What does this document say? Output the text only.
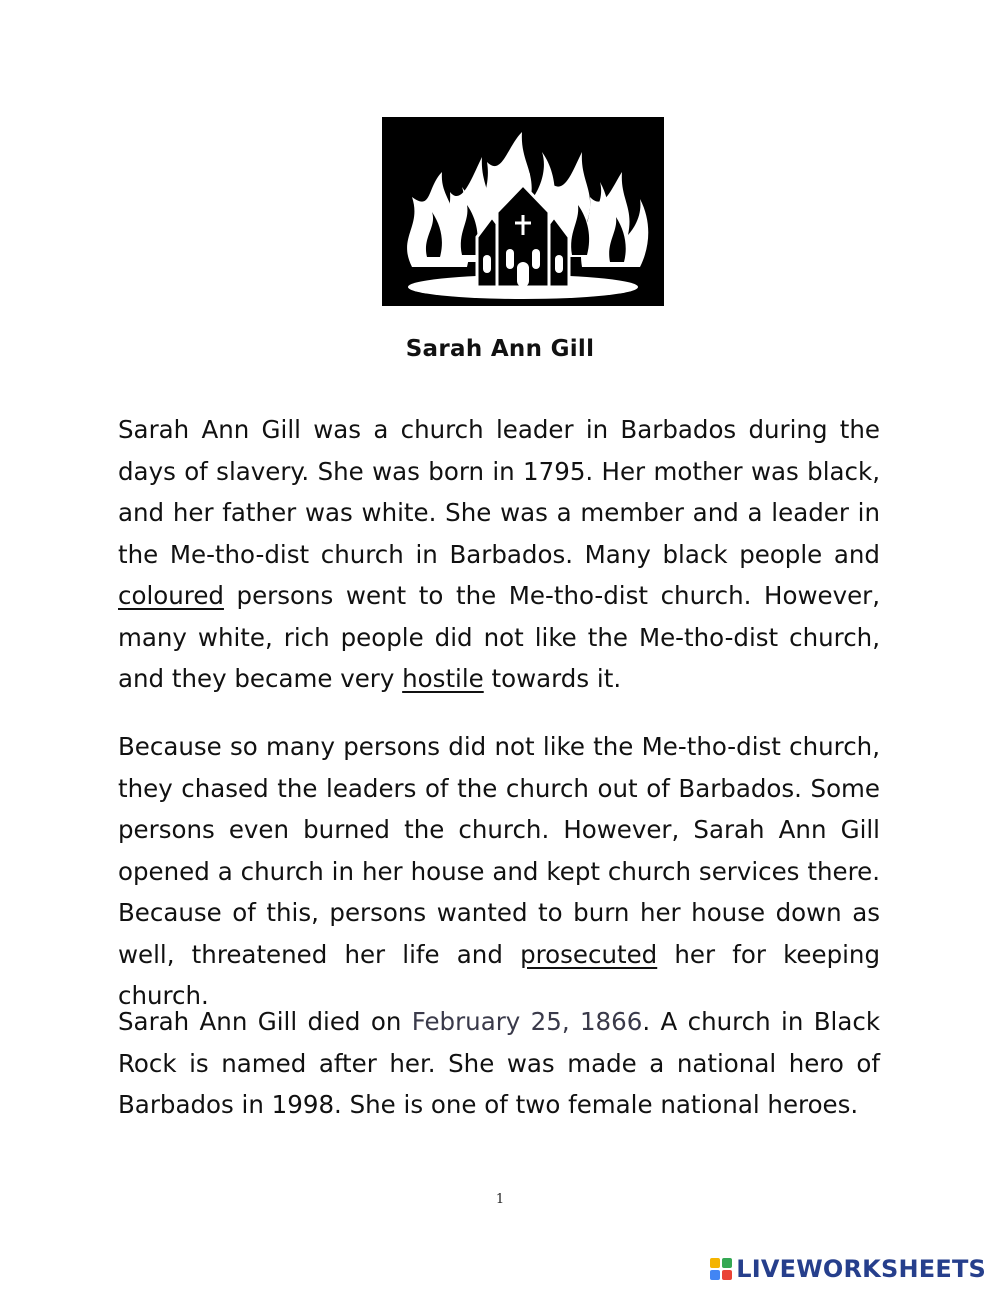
Sarah Ann Gill

Sarah Ann Gill was a church leader in Barbados during the days of slavery. She was born in 1795. Her mother was black, and her father was white. She was a member and a leader in the Me-tho-dist church in Barbados. Many black people and coloured persons went to the Me-tho-dist church. However, many white, rich people did not like the Me-tho-dist church, and they became very hostile towards it.

Because so many persons did not like the Me-tho-dist church, they chased the leaders of the church out of Barbados. Some persons even burned the church. However, Sarah Ann Gill opened a church in her house and kept church services there. Because of this, persons wanted to burn her house down as well, threatened her life and prosecuted her for keeping church.

Sarah Ann Gill died on February 25, 1866. A church in Black Rock is named after her. She was made a national hero of Barbados in 1998. She is one of two female national heroes.

1
LIVEWORKSHEETS
